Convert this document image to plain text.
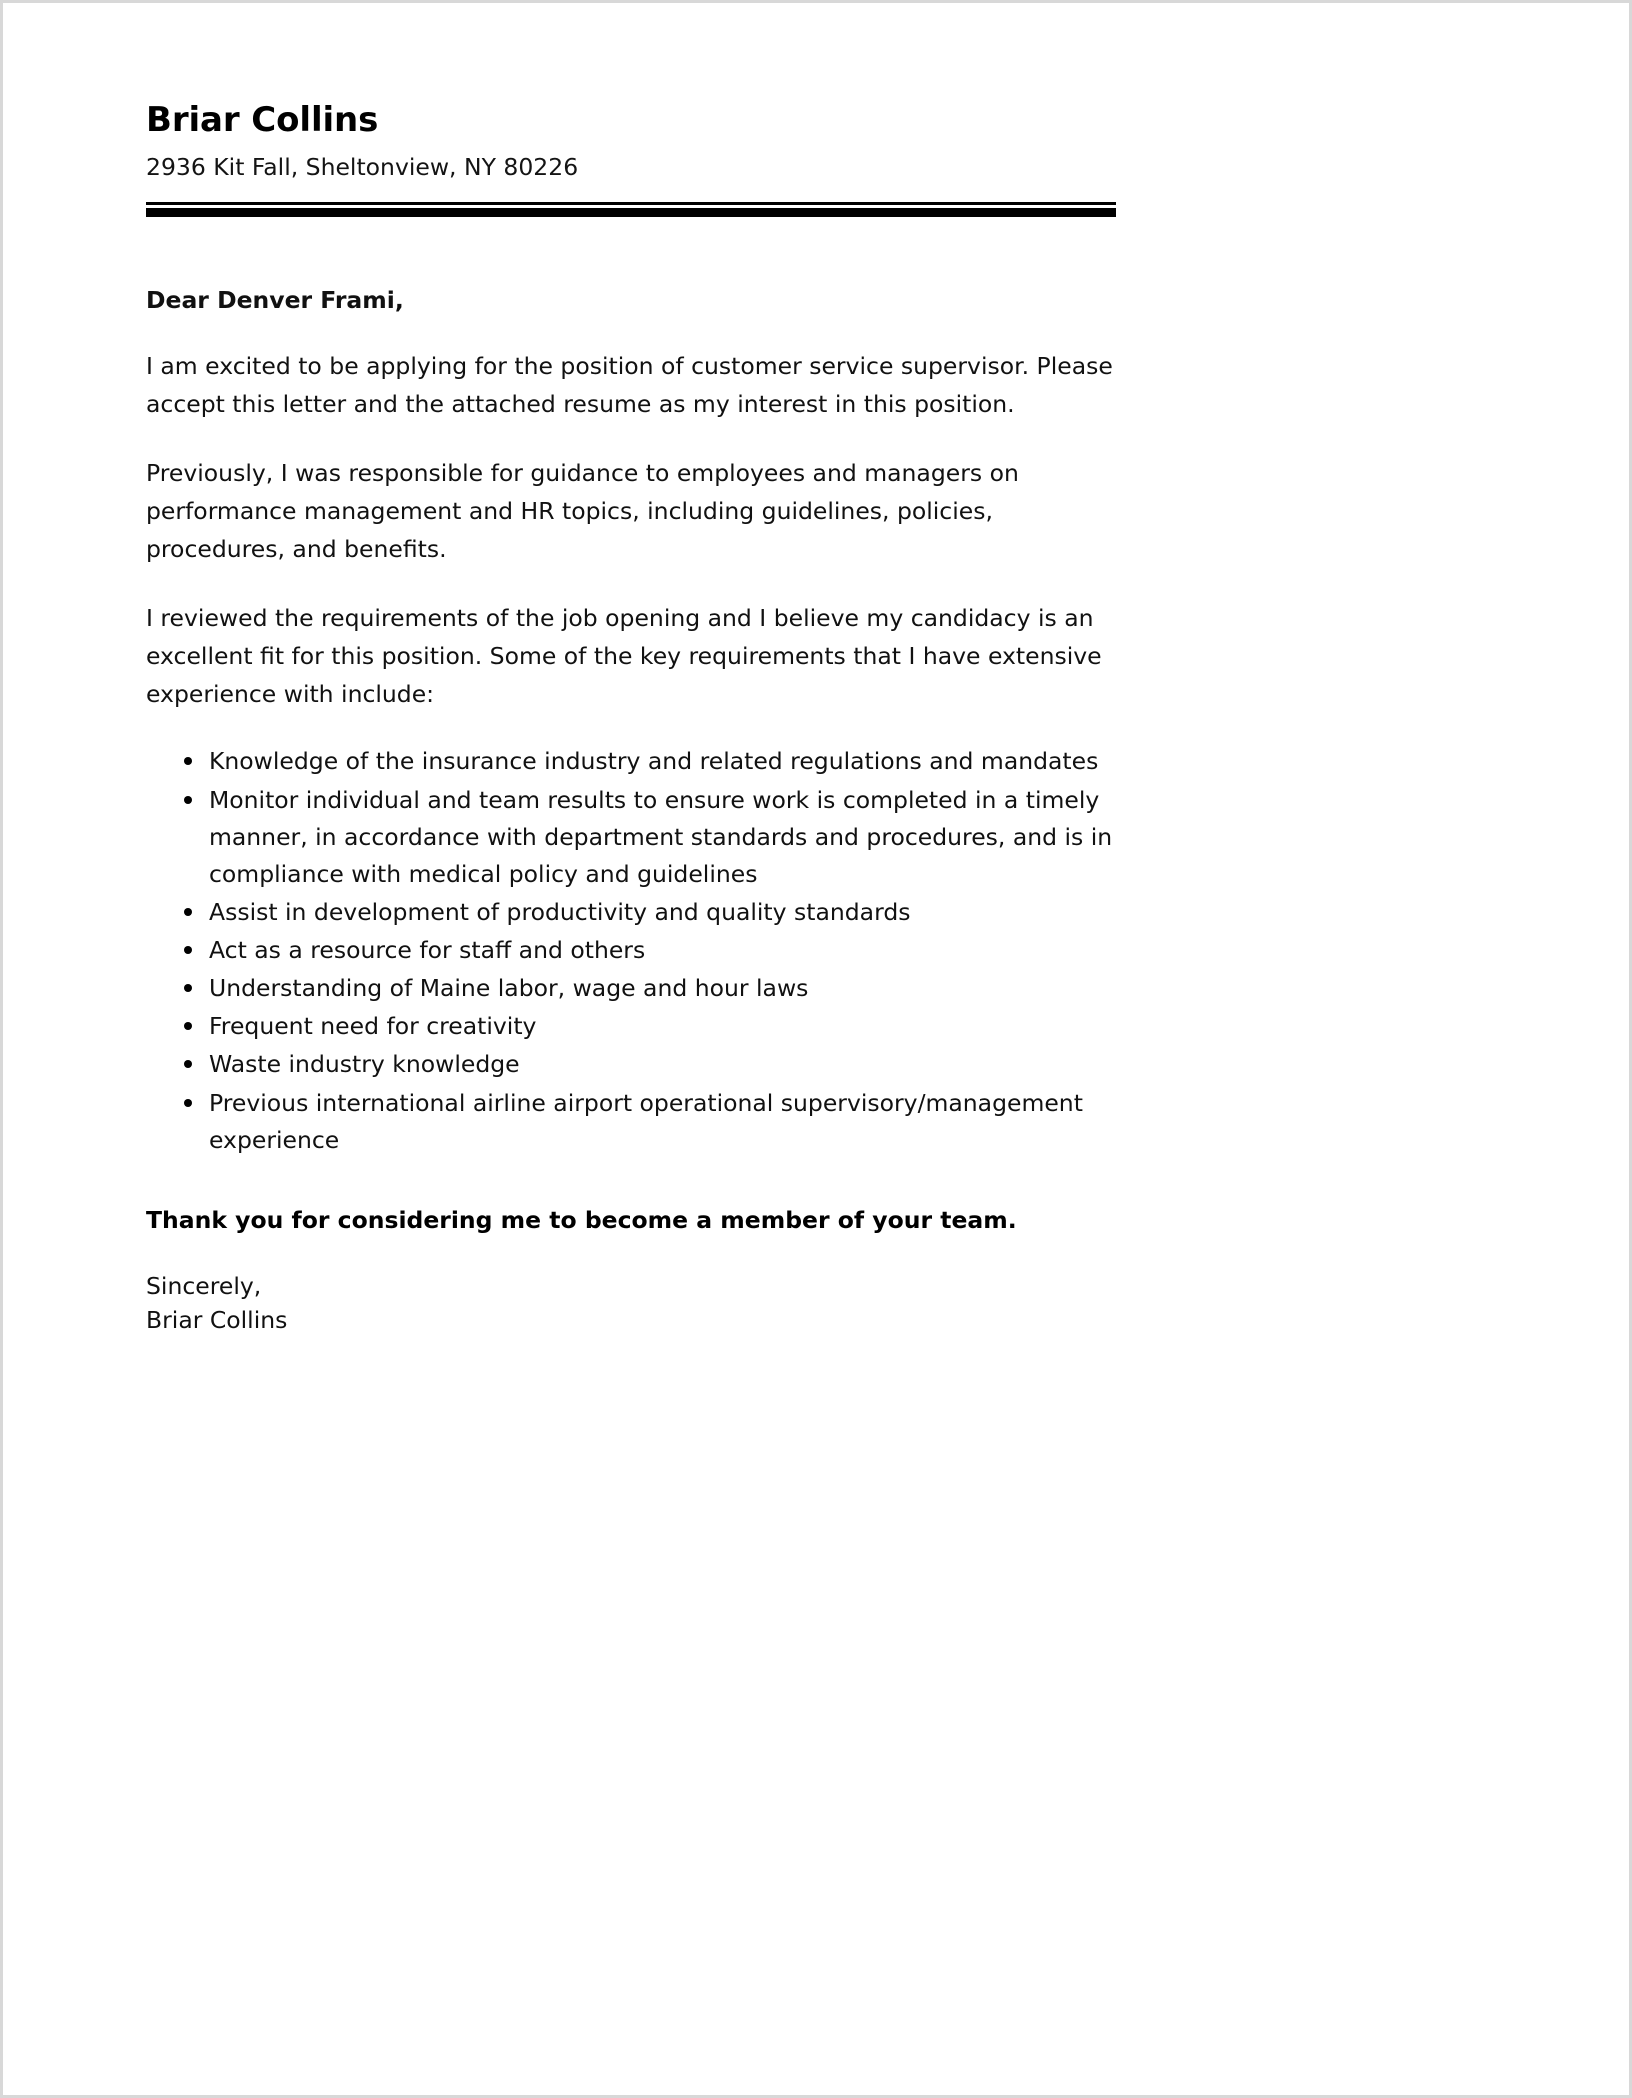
Briar Collins

2936 Kit Fall, Sheltonview, NY 80226

Dear Denver Frami,

I am excited to be applying for the position of customer service supervisor. Please accept this letter and the attached resume as my interest in this position.

Previously, I was responsible for guidance to employees and managers on performance management and HR topics, including guidelines, policies, procedures, and benefits.

I reviewed the requirements of the job opening and I believe my candidacy is an excellent fit for this position. Some of the key requirements that I have extensive experience with include:

Knowledge of the insurance industry and related regulations and mandates
Monitor individual and team results to ensure work is completed in a timely manner, in accordance with department standards and procedures, and is in compliance with medical policy and guidelines
Assist in development of productivity and quality standards
Act as a resource for staff and others
Understanding of Maine labor, wage and hour laws
Frequent need for creativity
Waste industry knowledge
Previous international airline airport operational supervisory/management experience

Thank you for considering me to become a member of your team.

Sincerely,

Briar Collins
